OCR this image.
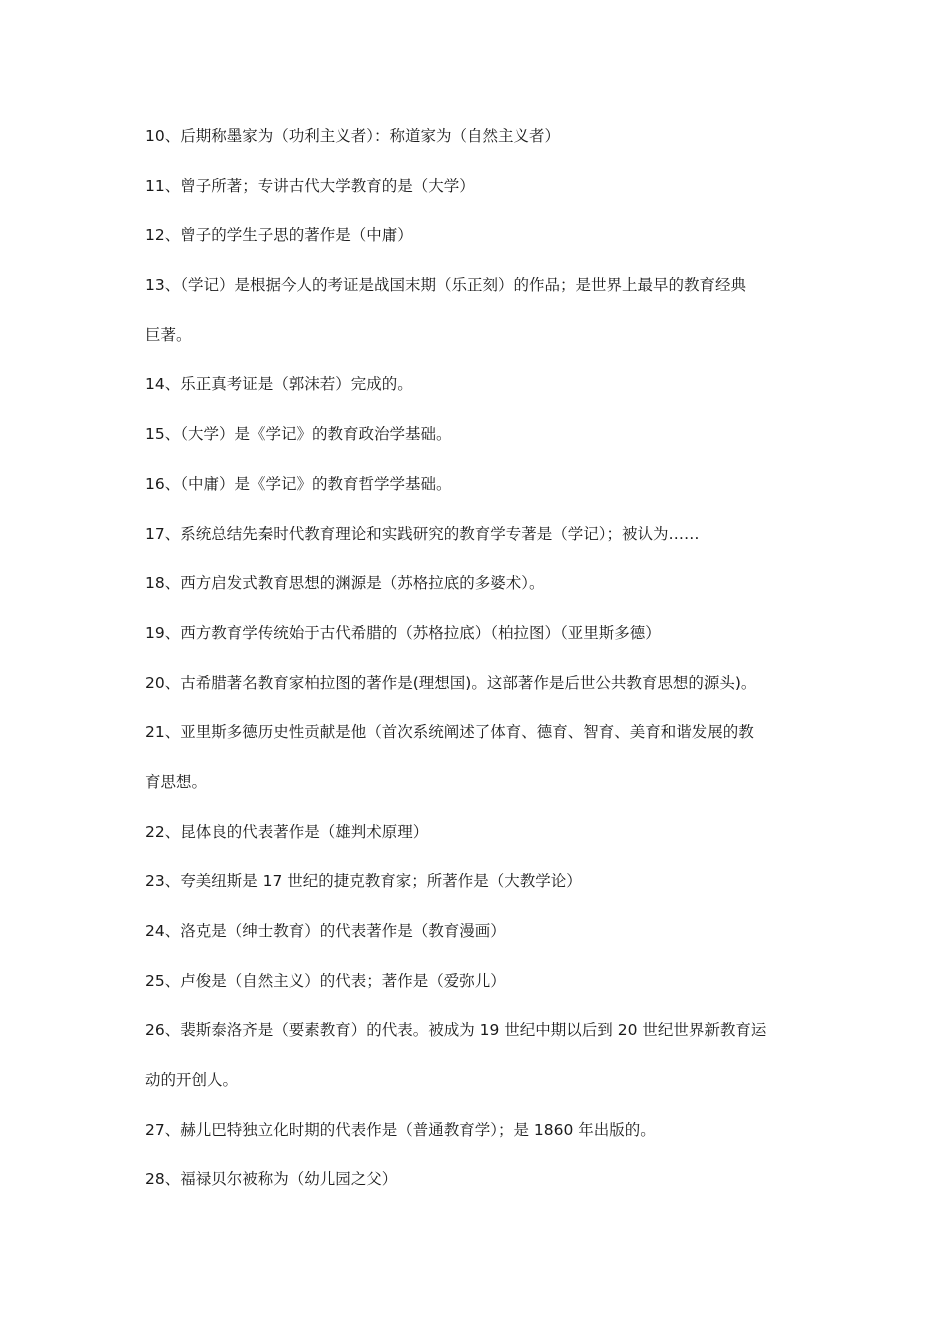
10、后期称墨家为（功利主义者）：称道家为（自然主义者）
11、曾子所著；专讲古代大学教育的是（大学）
12、曾子的学生子思的著作是（中庸）
13、（学记）是根据今人的考证是战国末期（乐正刻）的作品；是世界上最早的教育经典
巨著。
14、乐正真考证是（郭沫若）完成的。
15、（大学）是《学记》的教育政治学基础。
16、（中庸）是《学记》的教育哲学学基础。
17、系统总结先秦时代教育理论和实践研究的教育学专著是（学记）；被认为……
18、西方启发式教育思想的渊源是（苏格拉底的多婆术）。
19、西方教育学传统始于古代希腊的（苏格拉底）（柏拉图）（亚里斯多德）
20、古希腊著名教育家柏拉图的著作是(理想国)。这部著作是后世公共教育思想的源头)。
21、亚里斯多德历史性贡献是他（首次系统阐述了体育、德育、智育、美育和谐发展的教
育思想。
22、昆体良的代表著作是（雄判术原理）
23、夸美纽斯是 17 世纪的捷克教育家；所著作是（大教学论）
24、洛克是（绅士教育）的代表著作是（教育漫画）
25、卢俊是（自然主义）的代表；著作是（爱弥儿）
26、裴斯泰洛齐是（要素教育）的代表。被成为 19 世纪中期以后到 20 世纪世界新教育运
动的开创人。
27、赫儿巴特独立化时期的代表作是（普通教育学）；是 1860 年出版的。
28、福禄贝尔被称为（幼儿园之父）
